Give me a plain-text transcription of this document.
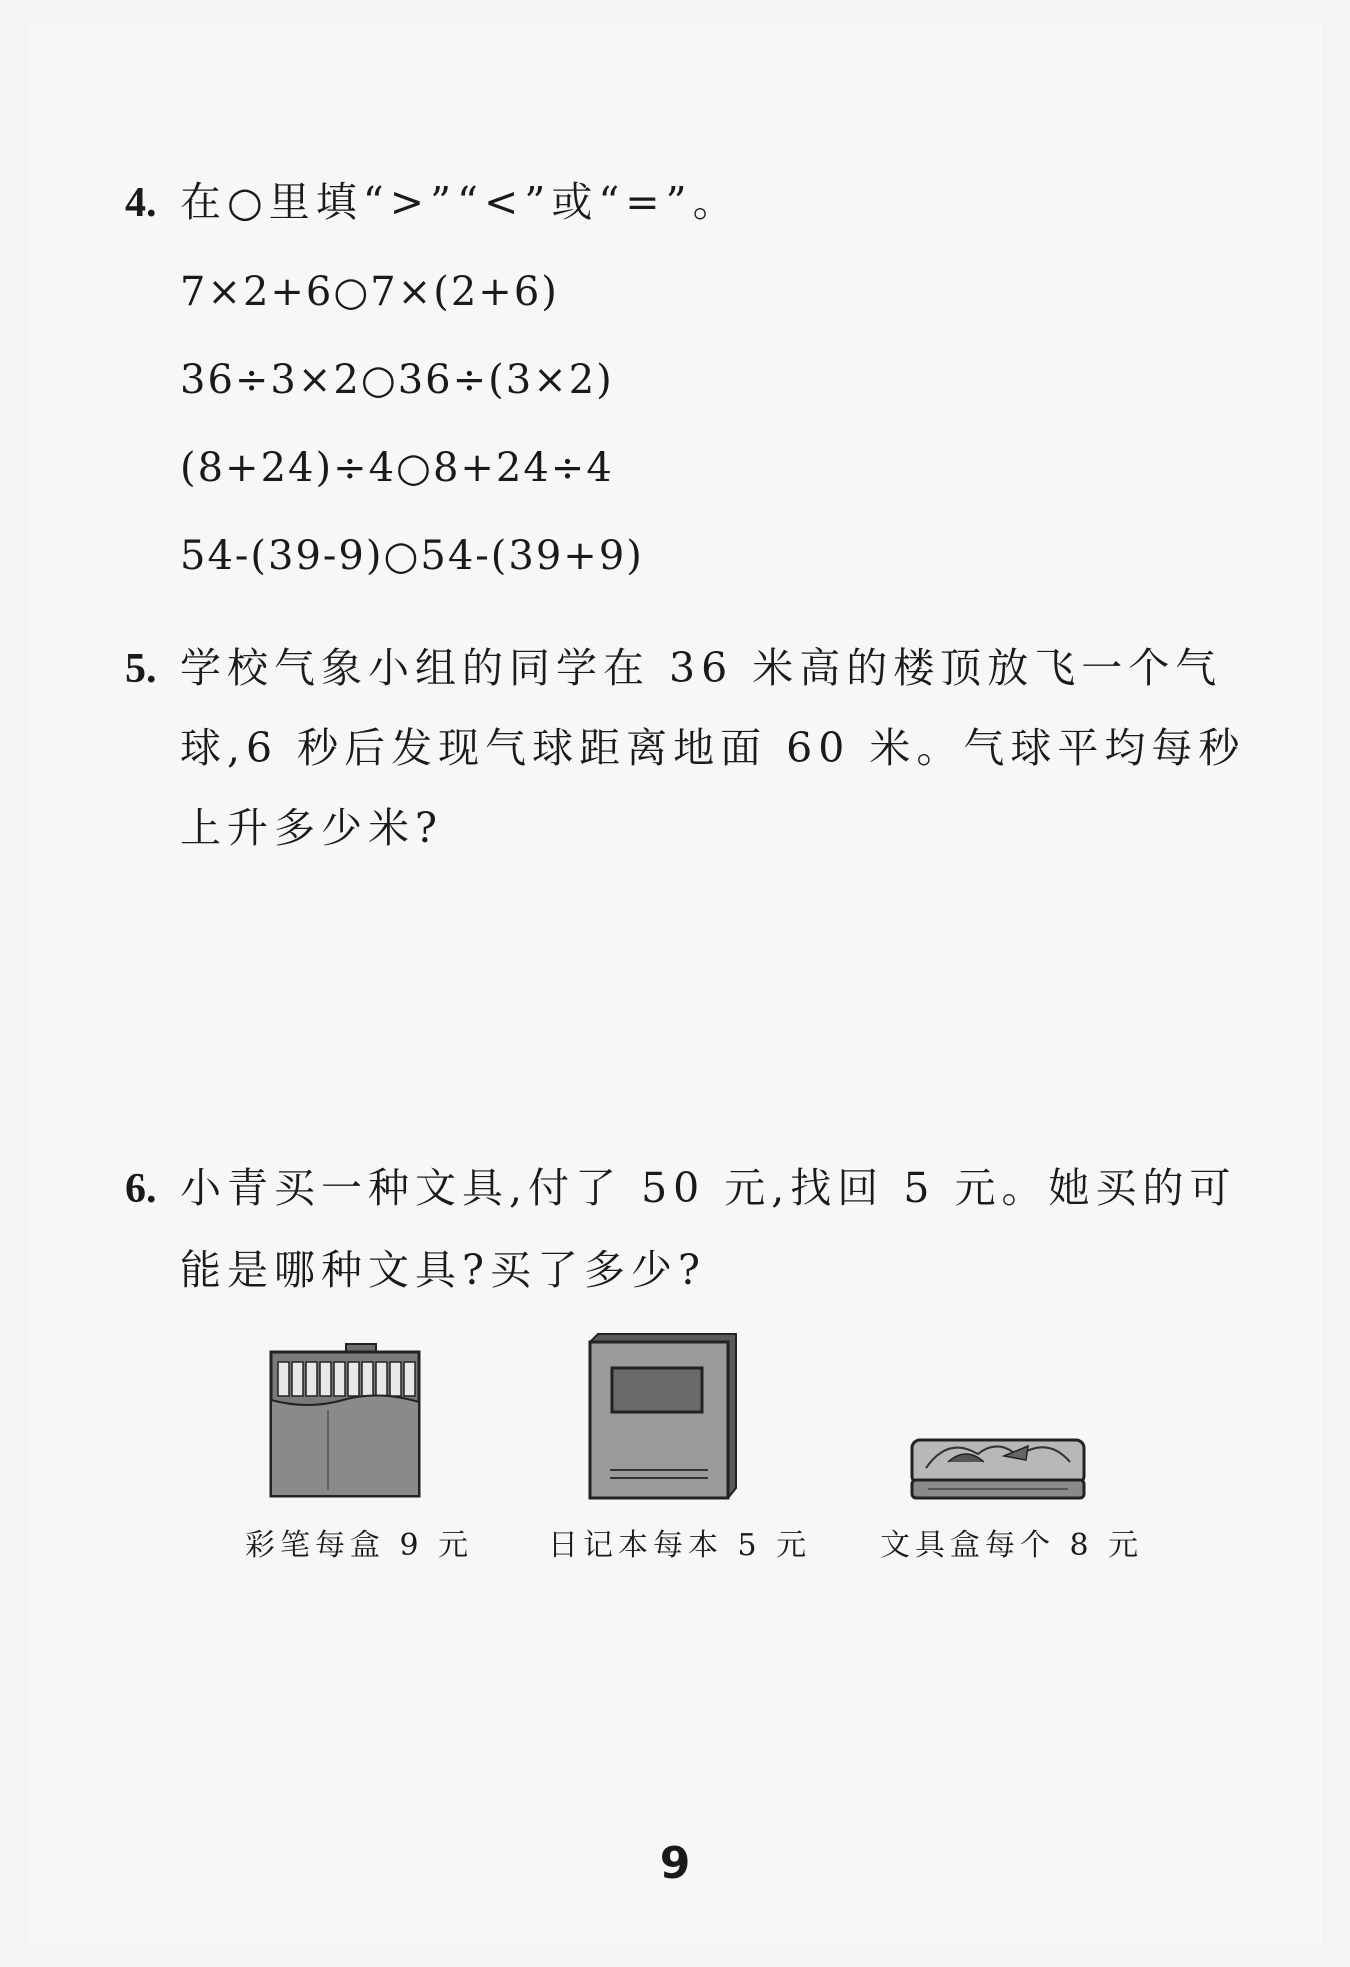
4. 在○里填“>”“<”或“=”。
7×2+6○7×(2+6)
36÷3×2○36÷(3×2)
(8+24)÷4○8+24÷4
54-(39-9)○54-(39+9)
5. 学校气象小组的同学在 36 米高的楼顶放飞一个气
球,6 秒后发现气球距离地面 60 米。气球平均每秒
上升多少米?
6. 小青买一种文具,付了 50 元,找回 5 元。她买的可
能是哪种文具?买了多少?
彩笔每盒 9 元 日记本每本 5 元 文具盒每个 8 元
9
